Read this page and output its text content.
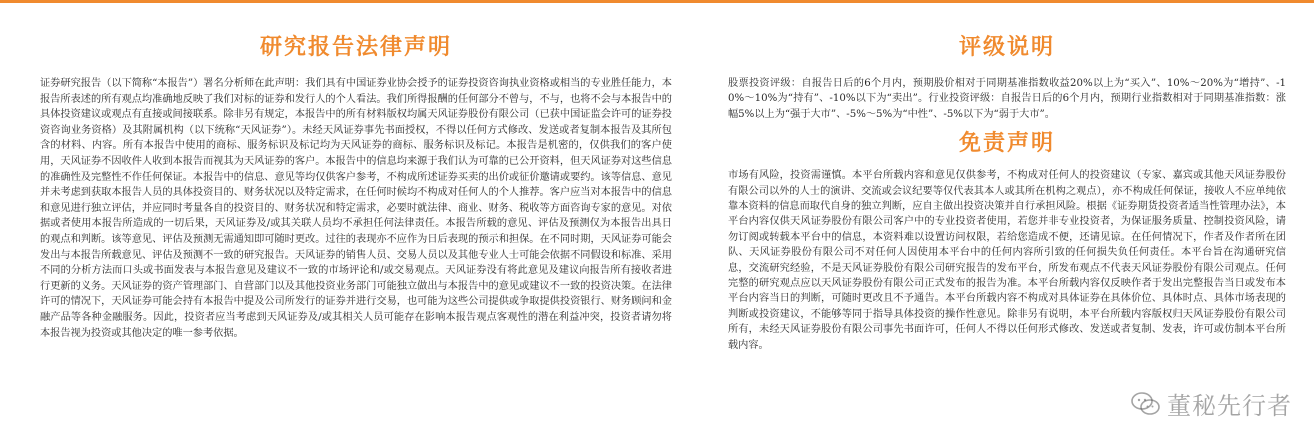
研究报告法律声明

证券研究报告（以下简称“本报告”）署名分析师在此声明：我们具有中国证券业协会授予的证券投资咨询执业资格或相当的专业胜任能力，本报告所表述的所有观点均准确地反映了我们对标的证券和发行人的个人看法。我们所得报酬的任何部分不曾与，不与，也将不会与本报告中的具体投资建议或观点有直接或间接联系。除非另有规定，本报告中的所有材料版权均属天风证券股份有限公司（已获中国证监会许可的证券投资咨询业务资格）及其附属机构（以下统称“天风证券”）。未经天风证券事先书面授权，不得以任何方式修改、发送或者复制本报告及其所包含的材料、内容。所有本报告中使用的商标、服务标识及标记均为天风证券的商标、服务标识及标记。本报告是机密的，仅供我们的客户使用，天风证券不因收件人收到本报告而视其为天风证券的客户。本报告中的信息均来源于我们认为可靠的已公开资料，但天风证券对这些信息的准确性及完整性不作任何保证。本报告中的信息、意见等均仅供客户参考，不构成所述证券买卖的出价或征价邀请或要约。该等信息、意见并未考虑到获取本报告人员的具体投资目的、财务状况以及特定需求，在任何时候均不构成对任何人的个人推荐。客户应当对本报告中的信息和意见进行独立评估，并应同时考量各自的投资目的、财务状况和特定需求，必要时就法律、商业、财务、税收等方面咨询专家的意见。对依据或者使用本报告所造成的一切后果，天风证券及/或其关联人员均不承担任何法律责任。本报告所载的意见、评估及预测仅为本报告出具日的观点和判断。该等意见、评估及预测无需通知即可随时更改。过往的表现亦不应作为日后表现的预示和担保。在不同时期，天风证券可能会发出与本报告所载意见、评估及预测不一致的研究报告。天风证券的销售人员、交易人员以及其他专业人士可能会依据不同假设和标准、采用不同的分析方法而口头或书面发表与本报告意见及建议不一致的市场评论和/或交易观点。天风证券没有将此意见及建议向报告所有接收者进行更新的义务。天风证券的资产管理部门、自营部门以及其他投资业务部门可能独立做出与本报告中的意见或建议不一致的投资决策。在法律许可的情况下，天风证券可能会持有本报告中提及公司所发行的证券并进行交易，也可能为这些公司提供或争取提供投资银行、财务顾问和金融产品等各种金融服务。因此，投资者应当考虑到天风证券及/或其相关人员可能存在影响本报告观点客观性的潜在利益冲突，投资者请勿将本报告视为投资或其他决定的唯一参考依据。

评级说明

股票投资评级：自报告日后的6个月内，预期股价相对于同期基准指数收益20%以上为“买入”、10%～20%为“增持”、-10%～10%为“持有”、-10%以下为“卖出”。行业投资评级：自报告日后的6个月内，预期行业指数相对于同期基准指数：涨幅5%以上为“强于大市”、-5%～5%为“中性”、-5%以下为“弱于大市”。

免责声明

市场有风险，投资需谨慎。本平台所载内容和意见仅供参考，不构成对任何人的投资建议（专家、嘉宾或其他天风证券股份有限公司以外的人士的演讲、交流或会议纪要等仅代表其本人或其所在机构之观点），亦不构成任何保证，接收人不应单纯依靠本资料的信息而取代自身的独立判断，应自主做出投资决策并自行承担风险。根据《证券期货投资者适当性管理办法》，本平台内容仅供天风证券股份有限公司客户中的专业投资者使用，若您并非专业投资者，为保证服务质量、控制投资风险，请勿订阅或转载本平台中的信息，本资料难以设置访问权限，若给您造成不便，还请见谅。在任何情况下，作者及作者所在团队、天风证券股份有限公司不对任何人因使用本平台中的任何内容所引致的任何损失负任何责任。本平台旨在沟通研究信息，交流研究经验，不是天风证券股份有限公司研究报告的发布平台，所发布观点不代表天风证券股份有限公司观点。任何完整的研究观点应以天风证券股份有限公司正式发布的报告为准。本平台所载内容仅反映作者于发出完整报告当日或发布本平台内容当日的判断，可随时更改且不予通告。本平台所载内容不构成对具体证券在具体价位、具体时点、具体市场表现的判断或投资建议，不能够等同于指导具体投资的操作性意见。除非另有说明，本平台所载内容版权归天风证券股份有限公司所有，未经天风证券股份有限公司事先书面许可，任何人不得以任何形式修改、发送或者复制、发表，许可或仿制本平台所载内容。

董秘先行者
